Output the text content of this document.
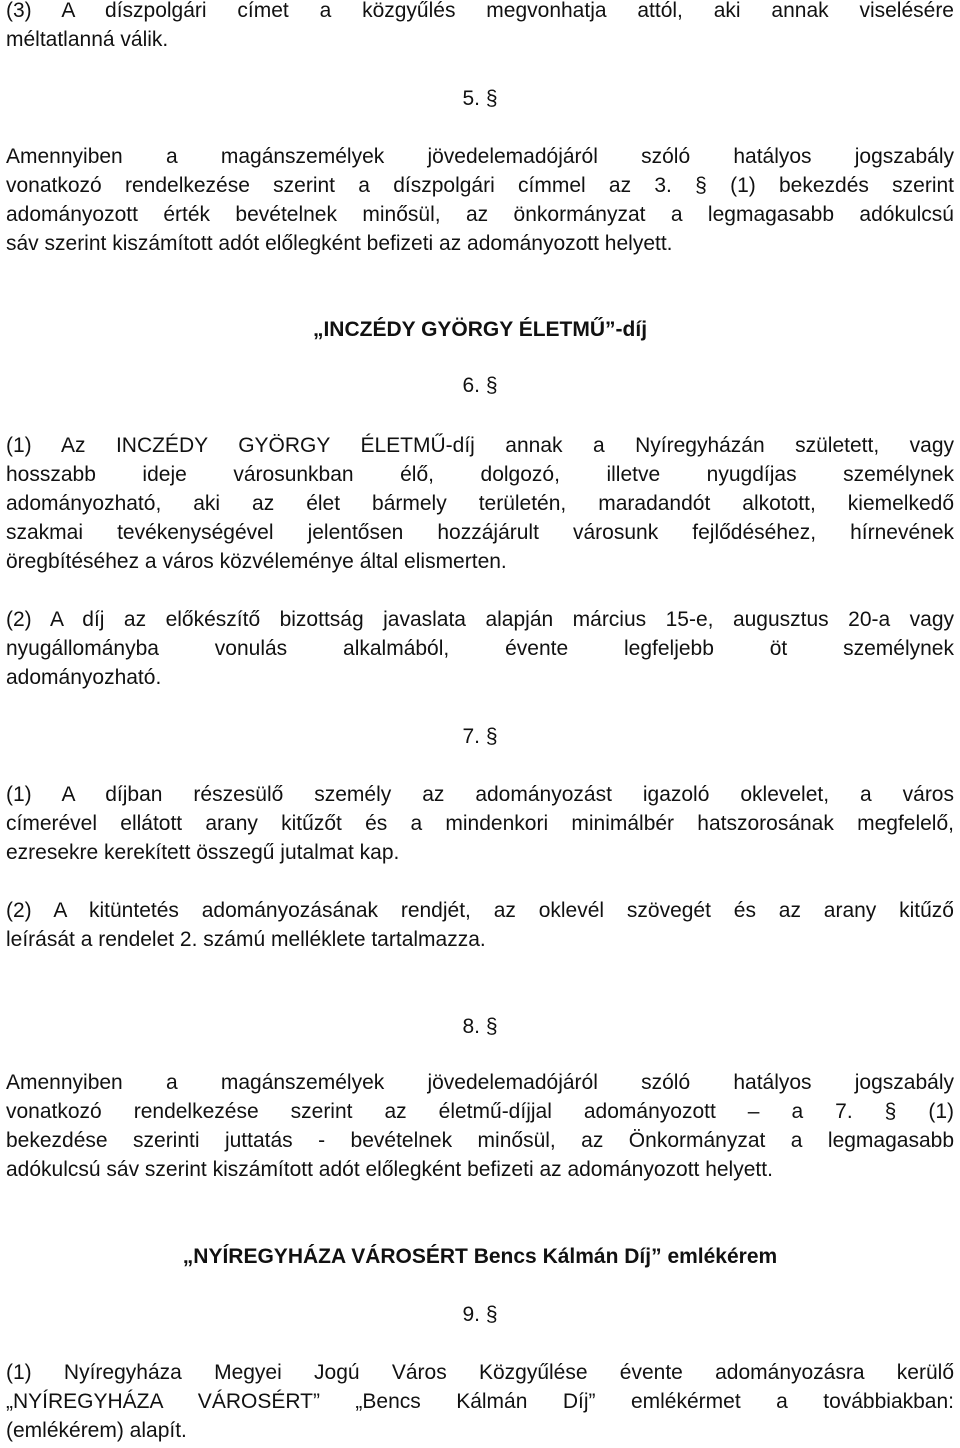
(3) A díszpolgári címet a közgyűlés megvonhatja attól, aki annak viselésére
méltatlanná válik.

5. §

Amennyiben a magánszemélyek jövedelemadójáról szóló hatályos jogszabály
vonatkozó rendelkezése szerint a díszpolgári címmel az 3. § (1) bekezdés szerint
adományozott érték bevételnek minősül, az önkormányzat a legmagasabb adókulcsú
sáv szerint kiszámított adót előlegként befizeti az adományozott helyett.

„INCZÉDY GYÖRGY ÉLETMŰ”-díj
6. §

(1) Az INCZÉDY GYÖRGY ÉLETMŰ-díj annak a Nyíregyházán született, vagy
hosszabb ideje városunkban élő, dolgozó, illetve nyugdíjas személynek
adományozható, aki az élet bármely területén, maradandót alkotott, kiemelkedő
szakmai tevékenységével jelentősen hozzájárult városunk fejlődéséhez, hírnevének
öregbítéséhez a város közvéleménye által elismerten.

(2) A díj az előkészítő bizottság javaslata alapján március 15-e, augusztus 20-a vagy
nyugállományba vonulás alkalmából, évente legfeljebb öt személynek
adományozható.

7. §

(1) A díjban részesülő személy az adományozást igazoló oklevelet, a város
címerével ellátott arany kitűzőt és a mindenkori minimálbér hatszorosának megfelelő,
ezresekre kerekített összegű jutalmat kap.

(2) A kitüntetés adományozásának rendjét, az oklevél szövegét és az arany kitűző
leírását a rendelet 2. számú melléklete tartalmazza.

8. §

Amennyiben a magánszemélyek jövedelemadójáról szóló hatályos jogszabály
vonatkozó rendelkezése szerint az életmű-díjjal adományozott – a 7. § (1)
bekezdése szerinti juttatás - bevételnek minősül, az Önkormányzat a legmagasabb
adókulcsú sáv szerint kiszámított adót előlegként befizeti az adományozott helyett.

„NYÍREGYHÁZA VÁROSÉRT Bencs Kálmán Díj” emlékérem
9. §

(1) Nyíregyháza Megyei Jogú Város Közgyűlése évente adományozásra kerülő
„NYÍREGYHÁZA VÁROSÉRT” „Bencs Kálmán Díj” emlékérmet a továbbiakban:
(emlékérem) alapít.
